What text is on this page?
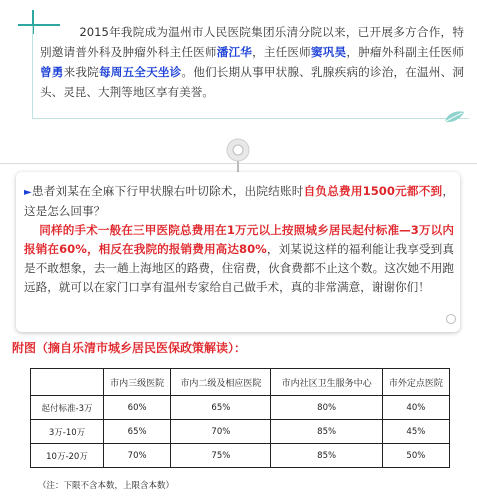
2015年我院成为温州市人民医院集团乐清分院以来，已开展多方合作，特别邀请普外科及肿瘤外科主任医师潘江华，主任医师窦巩昊，肿瘤外科副主任医师曾勇来我院每周五全天坐诊。他们长期从事甲状腺、乳腺疾病的诊治，在温州、洞头、灵昆、大荆等地区享有美誉。
►患者刘某在全麻下行甲状腺右叶切除术，出院结账时自负总费用1500元都不到，这是怎么回事？
同样的手术一般在三甲医院总费用在1万元以上按照城乡居民起付标准—3万以内报销在60%，相反在我院的报销费用高达80%，刘某说这样的福利能让我享受到真是不敢想象，去一趟上海地区的路费，住宿费，伙食费都不止这个数。这次她不用跑远路，就可以在家门口享有温州专家给自己做手术，真的非常满意，谢谢你们！
附图（摘自乐清市城乡居民医保政策解读）：
	市内三级医院	市内二级及相应医院	市内社区卫生服务中心	市外定点医院
起付标准-3万	60%	65%	80%	40%
3万-10万	65%	70%	85%	45%
10万-20万	70%	75%	85%	50%
（注：下限不含本数，上限含本数）
